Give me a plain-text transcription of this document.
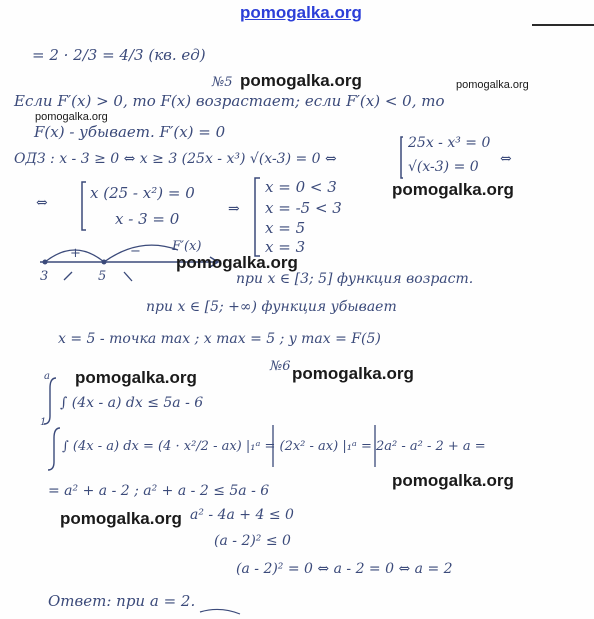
pomogalka.org
= 2 · 2/3 = 4/3 (кв. ед)
№5
Если F′(x) > 0, то F(x) возрастает; если F′(x) < 0, то
F(x) - убывает. F′(x) = 0
ОДЗ : x - 3 ≥ 0 ⇔ x ≥ 3 (25x - x³) √(x-3) = 0 ⇔
25x - x³ = 0
√(x-3) = 0 ⇔
⇔
x (25 - x²) = 0
x - 3 = 0
⇒
x = 0 < 3
x = -5 < 3
x = 5
x = 3
F′(x)
+	−
3	5	при x ∈ [3; 5] функция возраст.
при x ∈ [5; +∞) функция убывает
x = 5 - точка max ; x max = 5 ; y max = F(5)
№6
a
1
∫ (4x - a) dx ≤ 5a - 6
∫ (4x - a) dx = (4 · x²/2 - ax) |₁ᵃ = (2x² - ax) |₁ᵃ = 2a² - a² - 2 + a =
= a² + a - 2 ; a² + a - 2 ≤ 5a - 6
a² - 4a + 4 ≤ 0
(a - 2)² ≤ 0
(a - 2)² = 0 ⇔ a - 2 = 0 ⇔ a = 2
Ответ: при a = 2.
pomogalka.org	pomogalka.org
pomogalka.org
pomogalka.org
pomogalka.org
pomogalka.org	pomogalka.org
pomogalka.org
pomogalka.org
